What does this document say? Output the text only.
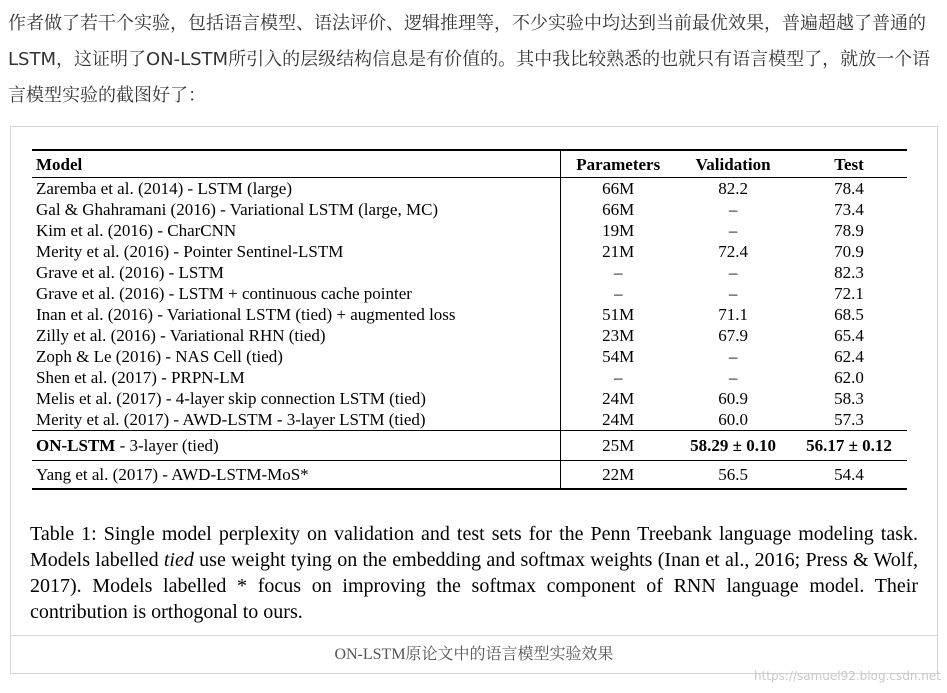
作者做了若干个实验，包括语言模型、语法评价、逻辑推理等，不少实验中均达到当前最优效果，普遍超越了普通的LSTM，这证明了ON-LSTM所引入的层级结构信息是有价值的。其中我比较熟悉的也就只有语言模型了，就放一个语言模型实验的截图好了：

Model	Parameters	Validation	Test
Zaremba et al. (2014) - LSTM (large)	66M	82.2	78.4
Gal & Ghahramani (2016) - Variational LSTM (large, MC)	66M	–	73.4
Kim et al. (2016) - CharCNN	19M	–	78.9
Merity et al. (2016) - Pointer Sentinel-LSTM	21M	72.4	70.9
Grave et al. (2016) - LSTM	–	–	82.3
Grave et al. (2016) - LSTM + continuous cache pointer	–	–	72.1
Inan et al. (2016) - Variational LSTM (tied) + augmented loss	51M	71.1	68.5
Zilly et al. (2016) - Variational RHN (tied)	23M	67.9	65.4
Zoph & Le (2016) - NAS Cell (tied)	54M	–	62.4
Shen et al. (2017) - PRPN-LM	–	–	62.0
Melis et al. (2017) - 4-layer skip connection LSTM (tied)	24M	60.9	58.3
Merity et al. (2017) - AWD-LSTM - 3-layer LSTM (tied)	24M	60.0	57.3
ON-LSTM - 3-layer (tied)	25M	58.29 ± 0.10	56.17 ± 0.12
Yang et al. (2017) - AWD-LSTM-MoS*	22M	56.5	54.4
Table 1: Single model perplexity on validation and test sets for the Penn Treebank language modeling task. Models labelled tied use weight tying on the embedding and softmax weights (Inan et al., 2016; Press & Wolf, 2017). Models labelled * focus on improving the softmax component of RNN language model. Their contribution is orthogonal to ours.
ON-LSTM原论文中的语言模型实验效果
https://samuel92.blog.csdn.net
